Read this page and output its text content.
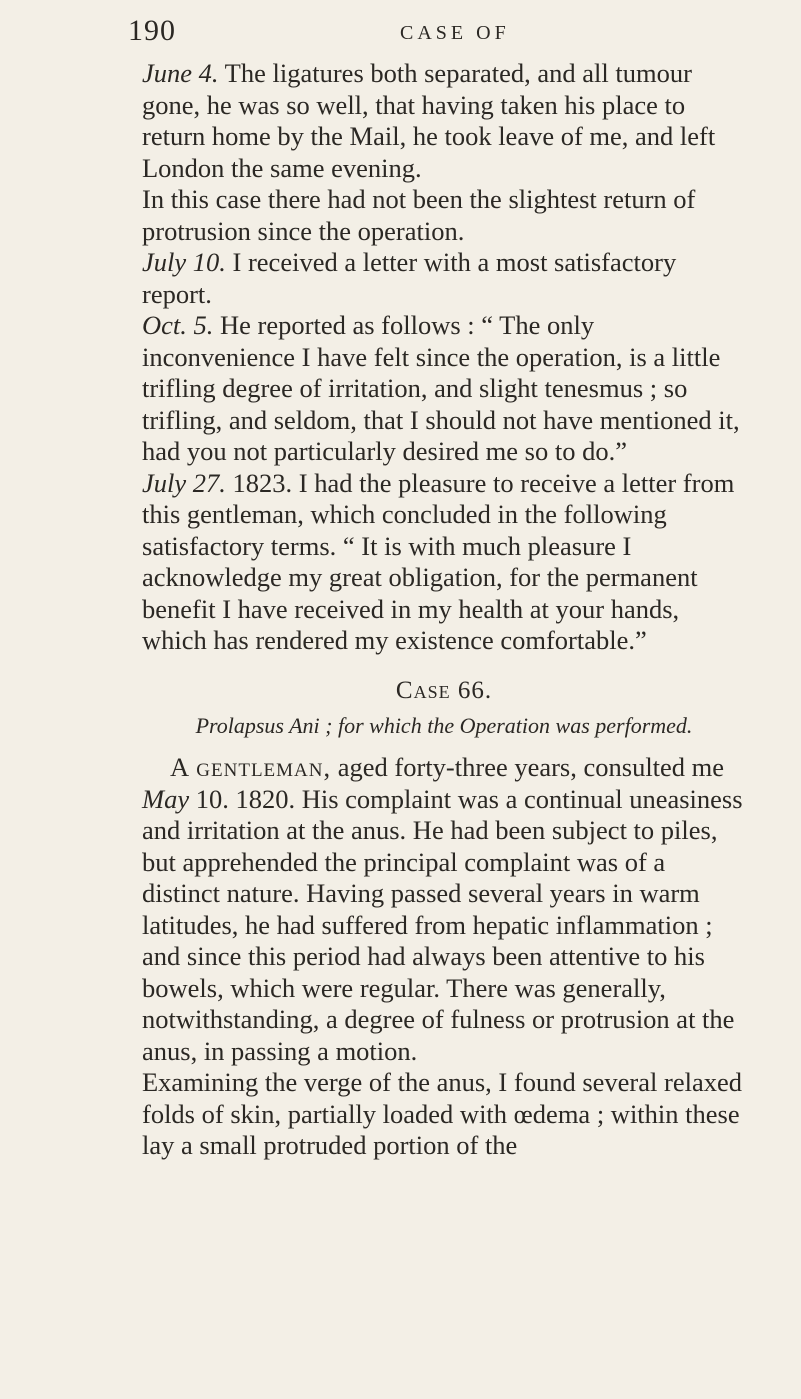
190	CASE OF

June 4. The ligatures both separated, and all tumour gone, he was so well, that having taken his place to return home by the Mail, he took leave of me, and left London the same evening.

In this case there had not been the slightest return of protrusion since the operation.

July 10. I received a letter with a most satisfactory report.

Oct. 5. He reported as follows : “ The only inconvenience I have felt since the operation, is a little trifling degree of irritation, and slight tenesmus ; so trifling, and seldom, that I should not have mentioned it, had you not particularly desired me so to do.”

July 27. 1823. I had the pleasure to receive a letter from this gentleman, which concluded in the following satisfactory terms. “ It is with much pleasure I acknowledge my great obligation, for the permanent benefit I have received in my health at your hands, which has rendered my existence comfortable.”

Case 66.
Prolapsus Ani ; for which the Operation was performed.

A gentleman, aged forty-three years, consulted me May 10. 1820. His complaint was a continual uneasiness and irritation at the anus. He had been subject to piles, but apprehended the principal complaint was of a distinct nature. Having passed several years in warm latitudes, he had suffered from hepatic inflammation ; and since this period had always been attentive to his bowels, which were regular. There was generally, notwithstanding, a degree of fulness or protrusion at the anus, in passing a motion.

Examining the verge of the anus, I found several relaxed folds of skin, partially loaded with œdema ; within these lay a small protruded portion of the
